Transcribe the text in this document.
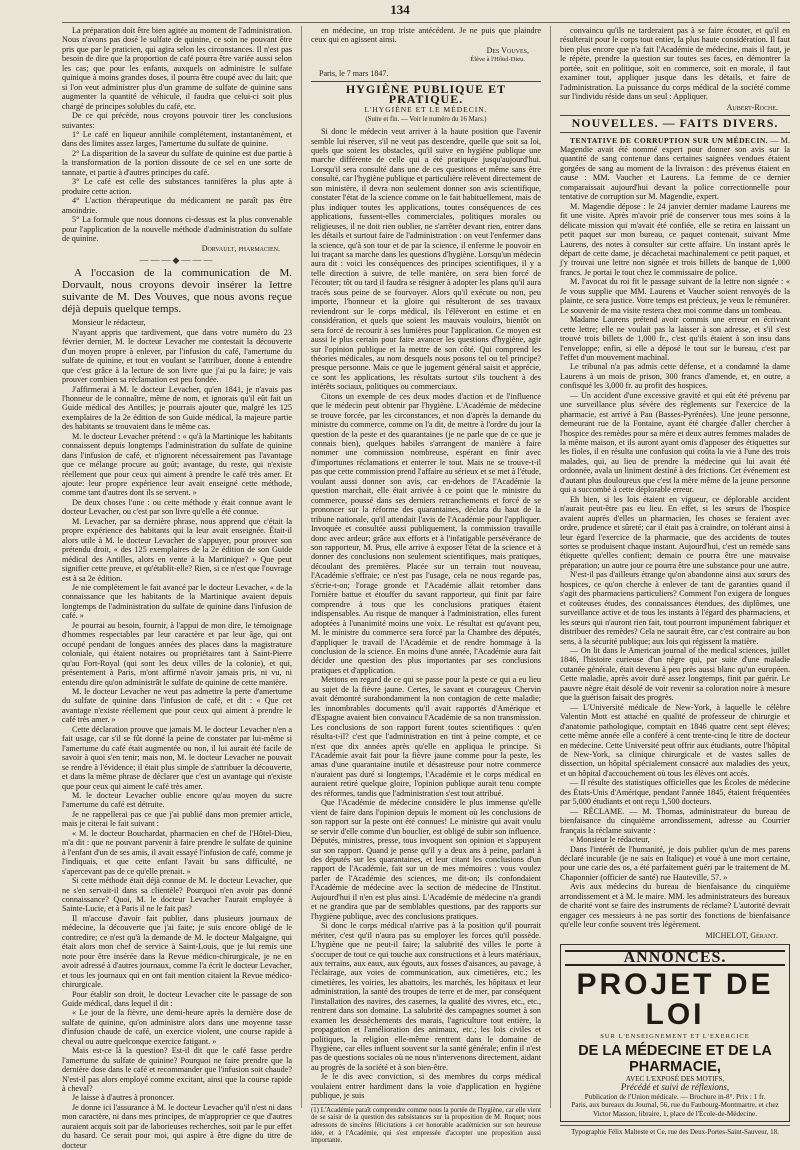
134

La préparation doit être bien agitée au moment de l'administration. Nous n'avons pas dosé le sulfate de quinine, ce soin ne pouvant être pris que par le praticien, qui agira selon les circonstances. Il n'est pas besoin de dire que la proportion de café pourra être variée aussi selon les cas; que pour les enfants, auxquels on administre le sulfate quinique à moins grandes doses, il pourra être coupé avec du lait; que si l'on veut administrer plus d'un gramme de sulfate de quinine sans augmenter la quantité de véhicule, il faudra que celui-ci soit plus chargé de principes solubles du café, etc.

De ce qui précède, nous croyons pouvoir tirer les conclusions suivantes:

1° Le café en liqueur annihile complétement, instantanément, et dans des limites assez larges, l'amertume du sulfate de quinine.

2° La disparition de la saveur du sulfate de quinine est due partie à la transformation de la portion dissoute de ce sel en une sorte de tannate, et partie à d'autres principes du café.

3° Le café est celle des substances tannifères la plus apte à produire cette action.

4° L'action thérapeutique du médicament ne paraît pas être amoindrie.

5° La formule que nous donnons ci-dessus est la plus convenable pour l'application de la nouvelle méthode d'administration du sulfate de quinine.

Dorvault, pharmacien.
———◆———
A l'occasion de la communication de M. Dorvault, nous croyons devoir insérer la lettre suivante de M. Des Vouves, que nous avons reçue déjà depuis quelque temps.

Monsieur le rédacteur,

N'ayant appris que tardivement, que dans votre numéro du 23 février dernier, M. le docteur Levacher me contestait la découverte d'un moyen propre à enlever, par l'infusion du café, l'amertume du sulfate de quinine, et tout en voulant se l'attribuer, donne à entendre que c'est grâce à la lecture de son livre que j'ai pu la faire; je vais prouver combien sa réclamation est peu fondée.

J'affirmerai à M. le docteur Levacher, qu'en 1841, je n'avais pas l'honneur de le connaître, même de nom, et ignorais qu'il eût fait un Guide médical des Antilles; je pourrais ajouter que, malgré les 125 exemplaires de la 2e édition de son Guide médical, la majeure partie des habitants se trouvaient dans le même cas.

M. le docteur Levacher prétend : « qu'à la Martinique les habitants connaissent depuis longtemps l'administration du sulfate de quinine dans l'infusion de café, et n'ignorent nécessairement pas l'avantage que ce mélange procure au goût; avantage, du reste, qui n'existe réellement que pour ceux qui aiment à prendre le café très amer. Et ajoute: leur propre expérience leur avait enseigné cette méthode, comme tant d'autres dont ils se servent. »

De deux choses l'une : ou cette méthode y était connue avant le docteur Levacher, ou c'est par son livre qu'elle a été connue.

M. Levacher, par sa dernière phrase, nous apprend que c'était la propre expérience des habitants qui la leur avait enseignée. Était-il alors utile à M. le docteur Levacher de s'appuyer, pour prouver son prétendu droit, « des 125 exemplaires de la 2e édition de son Guide médical des Antilles, alors en vente à la Martinique? » Que peut signifier cette preuve, et qu'établit-elle? Rien, si ce n'est que l'ouvrage est à sa 2e édition.

Je nie complétement le fait avancé par le docteur Levacher, « de la connaissance que les habitants de la Martinique avaient depuis longtemps de l'administration du sulfate de quinine dans l'infusion de café. »

Je pourrai au besoin, fournir, à l'appui de mon dire, le témoignage d'hommes respectables par leur caractère et par leur âge, qui ont occupé pendant de longues années des places dans la magistrature coloniale, qui étaient notaires ou propriétaires tant à Saint-Pierre qu'au Fort-Royal (qui sont les deux villes de la colonie), et qui, présentement à Paris, m'ont affirmé n'avoir jamais pris, ni vu, ni entendu dire qu'on administrât le sulfate de quinine de cette manière.

M. le docteur Levacher ne veut pas admettre la perte d'amertume du sulfate de quinine dans l'infusion de café, et dit : « Que cet avantage n'existe réellement que pour ceux qui aiment à prendre le café très amer. »

Cette déclaration prouve que jamais M. le docteur Levacher n'en a fait usage, car s'il se fût donné la peine de constater par lui-même si l'amertume du café était augmentée ou non, il lui aurait été facile de savoir à quoi s'en tenir; mais non, M. le docteur Levacher ne pouvait se rendre à l'évidence; il était plus simple de s'attribuer la découverte, et dans la même phrase de déclarer que c'est un avantage qui n'existe que pour ceux qui aiment le café très amer.

M. le docteur Levacher oublie encore qu'au moyen du sucre l'amertume du café est détruite.

Je ne rappellerai pas ce que j'ai publié dans mon premier article, mais je citerai le fait suivant :

« M. le docteur Bouchardat, pharmacien en chef de l'Hôtel-Dieu, m'a dit : que ne pouvant parvenir à faire prendre le sulfate de quinine à l'enfant d'un de ses amis, il avait essayé l'infusion de café, comme je l'indiquais, et que cette enfant l'avait bu sans difficulté, ne s'apercevant pas de ce qu'elle prenait. »

Si cette méthode était déjà connue de M. le docteur Levacher, que ne s'en servait-il dans sa clientèle? Pourquoi n'en avoir pas donné connaissance? Quoi, M. le docteur Levacher l'aurait employée à Sainte-Lucie, et à Paris il ne le fait pas?

Il m'accuse d'avoir fait publier, dans plusieurs journaux de médecine, la découverte que j'ai faite; je suis encore obligé de le contredire; ce n'est qu'à la demande de M. le docteur Malgaigne, qui était alors mon chef de service à Saint-Louis, que je lui remis une note pour être insérée dans la Revue médico-chirurgicale, je ne en avoir adressé à d'autres journaux, comme l'a écrit le docteur Levacher, et tous les journaux qui en ont fait mention citaient la Revue médico-chirurgicale.

Pour établir son droit, le docteur Levacher cite le passage de son Guide médical, dans lequel il dit :

« Le jour de la fièvre, une demi-heure après la dernière dose de sulfate de quinine, qu'on administre alors dans une moyenne tasse d'infusion chaude de café, un exercice violent, une course rapide à cheval ou autre quelconque exercice fatigant. »

Mais est-ce là la question? Est-il dit que le café fasse perdre l'amertume du sulfate de quinine? Pourquoi ne faire prendre que la dernière dose dans le café et recommander que l'infusion soit chaude? N'est-il pas alors employé comme excitant, ainsi que la course rapide à cheval?

Je laisse à d'autres à prononcer.

Je donne ici l'assurance à M. le docteur Levacher qu'il n'est ni dans mon caractère, ni dans mes principes, de m'approprier ce que d'autres auraient acquis soit par de laborieuses recherches, soit par le pur effet du hasard. Ce serait pour moi, qui aspire à être digne du titre de docteur

en médecine, un trop triste antécédent. Je ne puis que plaindre ceux qui en agissent ainsi.

Des Vouves,
Élève à l'Hôtel-Dieu.
Paris, le 7 mars 1847.
HYGIÈNE PUBLIQUE ET PRATIQUE.
L'HYGIÈNE ET LE MÉDECIN.
(Suite et fin. — Voir le numéro du 16 Mars.)

Si donc le médecin veut arriver à la haute position que l'avenir semble lui réserver, s'il ne veut pas descendre, quelle que soit sa loi, quels que soient les obstacles, qu'il suive en hygiène publique une marche différente de celle qui a été pratiquée jusqu'aujourd'hui. Lorsqu'il sera consulté dans une de ces questions et même sans être consulté, car l'hygiène publique et particulière relèvent directement de son ministère, il devra non seulement donner son avis scientifique, constater l'état de la science comme on le fait habituellement, mais de plus indiquer toutes les applications, toutes conséquences de ces applications, fussent-elles commerciales, politiques morales ou religieuses, il ne doit rien oublier, ne s'arrêter devant rien, entrer dans les détails et surtout faire de l'administration : on veut l'enfermer dans la science, qu'à son tour et de par la science, il enferme le pouvoir en lui traçant sa marche dans les questions d'hygiène. Lorsqu'un médecin aura dit : voici les conséquences des principes scientifiques, il y a telle direction à suivre, de telle manière, on sera bien forcé de l'écouter; tôt ou tard il faudra se résigner à adopter les plans qu'il aura tracés sous peine de se fourvoyer. Alors qu'il exécute ou non, peu importe, l'honneur et la gloire qui résulteront de ses travaux reviendront sur le corps médical, ils l'élèveront en estime et en considération, et quels que soient les mauvais vouloirs, bientôt on sera forcé de recourir à ses lumières pour l'application. Ce moyen est aussi le plus certain pour faire avancer les questions d'hygiène, agir sur l'opinion publique et la mettre de son côté. Qui comprend les théories médicales, au nom desquels nous posons tel ou tel principe? presque personne. Mais ce que le jugement général saisit et apprécie, ce sont les applications, les résultats surtout s'ils touchent à des intérêts sociaux, politiques ou commerciaux.

Citons un exemple de ces deux modes d'action et de l'influence que le médecin peut obtenir par l'hygiène. L'Académie de médecine se trouve forcée, par les circonstances, et non d'après la demande du ministre du commerce, comme on l'a dit, de mettre à l'ordre du jour la question de la peste et des quarantaines (je ne parle que de ce que je connais bien), quelques habiles s'arrangent de manière à faire nommer une commission nombreuse, espérant en finir avec d'importunes réclamations et enterrer le tout. Mais ne se trouve-t-il pas que cette commission prend l'affaire au sérieux et se met à l'étude, voulant aussi donner son avis, car en-dehors de l'Académie la question marchait, elle était arrivée à ce point que le ministre du commerce, poussé dans ses derniers retranchements et forcé de se prononcer sur la réforme des quarantaines, déclara du haut de la tribune nationale, qu'il attendait l'avis de l'Académie pour l'appliquer. Invoquée et consultée aussi publiquement, la commission travaille donc avec ardeur; grâce aux efforts et à l'infatigable persévérance de son rapporteur, M. Prus, elle arrive à exposer l'état de la science et à donner des conclusions non seulement scientifiques, mais pratiques, découlant des premières. Placée sur un terrain tout nouveau, l'Académie s'effraie; ce n'est pas l'usage, cela ne nous regarde pas, s'écrie-t-on; l'orage gronde et l'Académie allait retomber dans l'ornière battue et étouffer du savant rapporteur, qui finit par faire comprendre à tous que les conclusions pratiques étaient indispensables. Au risque de manquer à l'administration, elles furent adoptées à l'unanimité moins une voix. Le résultat est qu'avant peu, M. le ministre du commerce sera forcé par la Chambre des députés, d'appliquer le travail de l'Académie et de rendre hommage à la conclusion de la science. En moins d'une année, l'Académie aura fait décider une question des plus importantes par ses conclusions pratiques et d'application.

Mettons en regard de ce qui se passe pour la peste ce qui a eu lieu au sujet de la fièvre jaune. Certes, le savant et courageux Chervin avait démontré surabondamment la non contagion de cette maladie; les innombrables documents qu'il avait rapportés d'Amérique et d'Espagne avaient bien convaincu l'Académie de sa non transmission. Les conclusions de son rapport furent toutes scientifiques : qu'en résulta-t-il? c'est que l'administration en tint à peine compte, et ce n'est que dix années après qu'elle en appliqua le principe. Si l'Académie avait fait pour la fièvre jaune comme pour la peste, les amas d'une quarantaine inutile et désastreuse pour notre commerce n'auraient pas duré si longtemps, l'Académie et le corps médical en auraient retiré quelque gloire, l'opinion publique aurait tenu compte des réformes, tandis que l'administration s'est tout attribué.

Que l'Académie de médecine considère le plus immense qu'elle vient de faire dans l'opinion depuis le moment où les conclusions de son rapport sur la peste ont été connues! Le ministre qui avait voulu se servir d'elle comme d'un bouclier, est obligé de subir son influence. Députés, ministres, presse, tous invoquent son opinion et s'appuyent sur son rapport. Quand je pense qu'il y a deux ans à peine, parlant à des députés sur les quarantaines, et leur citant les conclusions d'un rapport de l'Académie, fait sur un de mes mémoires : vous voulez parler de l'Académie des sciences, me dit-on; ils confondaient l'Académie de médecine avec la section de médecine de l'Institut. Aujourd'hui il n'en est plus ainsi. L'Académie de médecine n'a grandi et ne grandira que par de semblables questions, par des rapports sur l'hygiène publique, avec des conclusions pratiques.

Si donc le corps médical n'arrive pas à la position qu'il pourrait mériter, c'est qu'il n'aura pas su employer les forces qu'il possède. L'hygiène que ne peut-il faire; la salubrité des villes le porte à s'occuper de tout ce qui touche aux constructions et à leurs matériaux, aux terrains, aux eaux, aux égouts, aux fosses d'aisances, au pavage, à l'éclairage, aux voies de communication, aux cimetières, etc.; les cimetières, les voiries, les abattoirs, les marchés, les hôpitaux et leur administration, la santé des troupes de terre et de mer, par conséquent l'installation des navires, des casernes, la qualité des vivres, etc., etc., rentrent dans son domaine. La salubrité des campagnes soumet à son examen les dessèchements des marais, l'agriculture tout entière, la propagation et l'amélioration des animaux, etc.; les lois civiles et politiques, la religion elle-même rentrent dans le domaine de l'hygiène, car elles influent souvent sur la santé générale; enfin il n'est pas de questions sociales où ne nous n'intervenons directement, aidant au progrès de la société et à son bien-être.

Je le dis avec conviction, si des membres du corps médical voulaient entrer hardiment dans la voie d'application en hygiène publique, je suis

(1) L'Académie paraît comprendre comme nous la portée de l'hygiène, car elle vient de se saisir de la question des subsistances sur la proposition de M. Roquet; nous adressons de sincères félicitations à cet honorable académicien sur son heureuse idée, et à l'Académie, qui s'est empressée d'accepter une proposition aussi importante.

convaincu qu'ils ne tarderaient pas à se faire écouter, et qu'il en résulterait pour le corps tout entier, la plus haute considération. Il faut bien plus encore que n'a fait l'Académie de médecine, mais il faut, je le répète, prendre la question sur toutes ses faces, en démontrer la portée, soit en politique, soit en commerce, soit en morale, il faut examiner tout, appliquer jusque dans les détails, et faire de l'administration. La puissance du corps médical de la société comme sur l'individu réside dans un seul : Appliquer.

Aubert-Roche.
NOUVELLES. — FAITS DIVERS.

TENTATIVE DE CORRUPTION SUR UN MÉDECIN. — M. Magendie avait été nommé expert pour donner son avis sur la quantité de sang contenue dans certaines saignées vendues étaient gorgées de sang au moment de la livraison : des prévenus étaient en cause : MM. Vaucher et Laurens. La femme de ce dernier comparaissait aujourd'hui devant la police correctionnelle pour tentative de corruption sur M. Magendie, expert.

M. Magendie dépose : le 24 janvier dernier madame Laurens me fit une visite. Après m'avoir prié de conserver tous mes soins à la délicate mission qui m'avait été confiée, elle se retira en laissant un petit paquet sur mon bureau, ce paquet contenait, suivant Mme Laurens, des notes à consulter sur cette affaire. Un instant après le départ de cette dame, je décachetai machinalement ce petit paquet, et j'y trouvai une lettre non signée et trois billets de banque de 1,000 francs. Je portai le tout chez le commissaire de police.

M. l'avocat du roi fit le passage suivant de la lettre non signée : « Je vous supplie que MM. Laurens et Vaucher soient renvoyés de la plainte, ce sera justice. Votre temps est précieux, je veux le rémunérer. Le souvenir de ma visite restera chez moi comme dans un tombeau.

Madame Laurens prétend avoir commis une erreur en écrivant cette lettre; elle ne voulait pas la laisser à son adresse, et s'il s'est trouvé trois billets de 1,000 fr., c'est qu'ils étaient à son insu dans l'enveloppe; enfin, si elle a déposé le tout sur le bureau, c'est par l'effet d'un mouvement machinal.

Le tribunal n'a pas admis cette défense, et a condamné la dame Laurens à un mois de prison, 300 francs d'amende, et, en outre, a confisqué les 3,000 fr. au profit des hospices.

— Un accident d'une excessive gravité et qui eût été prévenu par une surveillance plus sévère des règlements sur l'exercice de la pharmacie, est arrivé à Pau (Basses-Pyrénées). Une jeune personne, demeurant rue de la Fontaine, ayant été chargée d'aller chercher à l'hospice des remèdes pour sa mère et deux autres femmes malades de la même maison, et ils auront ayant omis d'apposer des étiquettes sur les fioles, il en résulta une confusion qui coûta la vie à l'une des trois malades, qui, au lieu de prendre la médecine qui lui avait été ordonnée, avala un liniment destiné à des frictions. Cet événement est d'autant plus douloureux que c'est la mère même de la jeune personne qui a succombé à cette déplorable erreur.

Eh bien, si les lois étaient en vigueur, ce déplorable accident n'aurait peut-être pas eu lieu. En effet, si les sœurs de l'hospice avaient auprès d'elles un pharmacien, les choses se feraient avec ordre, prudence et sûreté; car il était pas à craindre, on tolérant ainsi à leur égard l'exercice de la pharmacie, que des accidents de toutes sortes se produisent chaque instant. Aujourd'hui, c'est un remède sans étiquette qu'elles confient; demain ce pourra être une mauvaise préparation; un autre jour ce pourra être une substance pour une autre.

N'est-il pas d'ailleurs étrange qu'on abandonne ainsi aux sœurs des hospices, ce qu'on cherche à enlever de tant de garanties quand il s'agit des pharmaciens particuliers? Comment l'on exigera de longues et coûteuses études, des connaissances étendues, des diplômes, une surveillance active et de tous les instants à l'égard des pharmaciens, et les sœurs qui n'auront rien fait, tout pourront impunément fabriquer et distribuer des remèdes? Cela ne saurait être, car c'est contraire au bon sens, à la sécurité publique; aux lois qui régissent la matière.

— On lit dans le American journal of the medical sciences, juillet 1846, l'histoire curieuse d'un nègre qui, par suite d'une maladie cutanée générale, était devenu à peu près aussi blanc qu'un européen. Cette maladie, après avoir duré assez longtemps, finit par guérir. Le pauvre nègre était désolé de voir revenir sa coloration noire à mesure que la guérison faisait des progrès.

— L'Université médicale de New-York, à laquelle le célèbre Valentin Mott est attaché en qualité de professeur de chirurgie et d'anatomie pathologique, comptait en 1846 quatre cent sept élèves; cette même année elle a conféré à cent trente-cinq le titre de docteur en médecine. Cette Université peut offrir aux étudiants, outre l'hôpital de New-York, sa clinique chirurgicale et de vastes salles de dissection, un hôpital spécialement consacré aux maladies des yeux, et un hôpital d'accouchement où tous les élèves ont accès.

— Il résulte des statistiques officielles que les Écoles de médecine des États-Unis d'Amérique, pendant l'année 1845, étaient fréquentées par 5,000 étudiants et ont reçu 1,500 docteurs.

— RÉCLAME. — M. Thomas, administrateur du bureau de bienfaisance du cinquième arrondissement, adresse au Courrier français la réclame suivante :

« Monsieur le rédacteur,

Dans l'intérêt de l'humanité, je dois publier qu'un de mes parens déclaré incurable (je ne sais en Italique) et voué à une mort certaine, pour une carie des os, a été parfaitement guéri par le traitement de M. Chaponnier (officier de santé) rue Hauteville, 57. »

Avis aux médecins du bureau de bienfaisance du cinquième arrondissement et à M. le maire. MM. les administrateurs des bureaux de charité vont se faire des instruments de réclame? L'autorité devrait engager ces messieurs à ne pas sortir des fonctions de bienfaisance qu'elle leur confie souvent très légèrement.

MICHELOT, Gérant.
ANNONCES.
PROJET DE LOI
SUR L'ENSEIGNEMENT ET L'EXERCICE
DE LA MÉDECINE ET DE LA PHARMACIE,
AVEC L'EXPOSÉ DES MOTIFS,
Précédé et suivi de réflexions,
Publication de l'Union médicale. — Brochure in-8°. Prix : 1 fr.
Paris, aux bureaux du Journal, 56, rue du Faubourg-Montmartre, et chez Victor Masson, libraire, 1, place de l'École-de-Médecine.
Typographie Félix Malteste et Ce, rue des Deux-Portes-Saint-Sauveur, 18.
